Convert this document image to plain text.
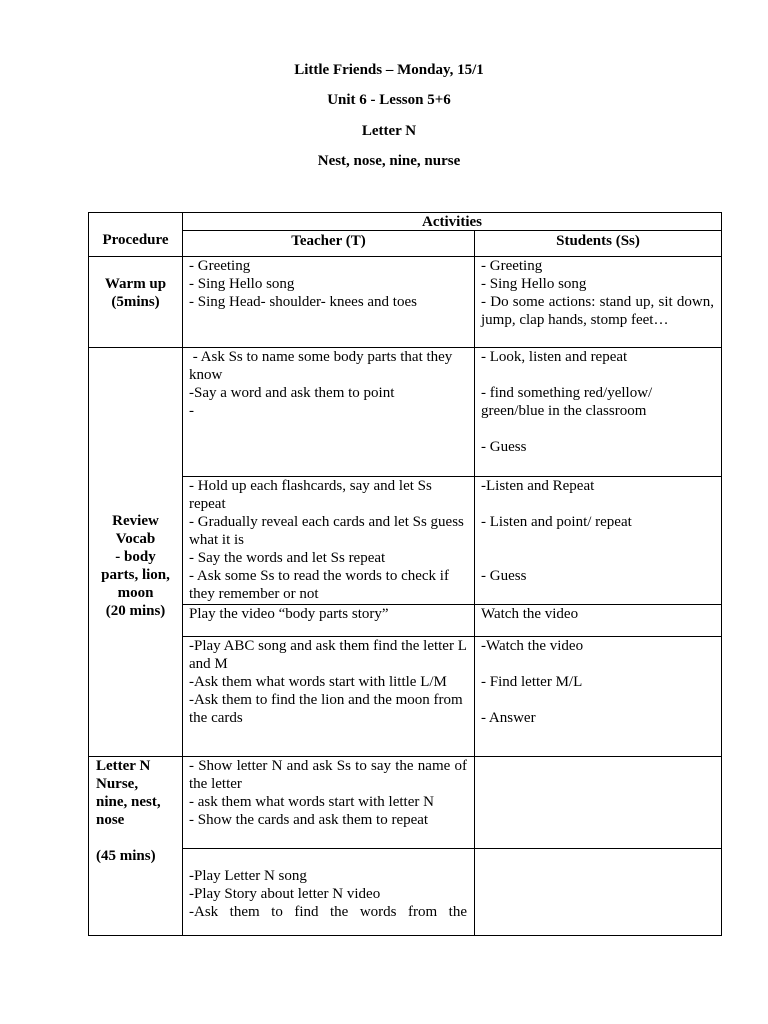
Little Friends – Monday, 15/1
Unit 6 - Lesson 5+6
Letter N
Nest, nose, nine, nurse
Procedure
Activities
Teacher (T)	Students (Ss)

Warm up

(5mins)

- Greeting

- Sing Hello song

- Sing Head- shoulder- knees and toes

- Greeting

- Sing Hello song

- Do some actions: stand up, sit down, jump, clap hands, stomp feet…

Review

Vocab

- body

parts, lion,

moon

(20 mins)

- Ask Ss to name some body parts that they know

-Say a word and ask them to point

-

- Look, listen and repeat

- find something red/yellow/ green/blue in the classroom

- Guess

- Hold up each flashcards, say and let Ss repeat

- Gradually reveal each cards and let Ss guess what it is

- Say the words and let Ss repeat

- Ask some Ss to read the words to check if they remember or not

-Listen and Repeat

- Listen and point/ repeat

- Guess

Play the video “body parts story”	Watch the video

-Play ABC song and ask them find the letter L and M

-Ask them what words start with little L/M

-Ask them to find the lion and the moon from the cards

-Watch the video

- Find letter M/L

- Answer

Letter N

Nurse,

nine, nest,

nose

(45 mins)

- Show letter N and ask Ss to say the name of the letter

- ask them what words start with letter N

- Show the cards and ask them to repeat

-Play Letter N song

-Play Story about letter N video

-Ask them to find the words from the
